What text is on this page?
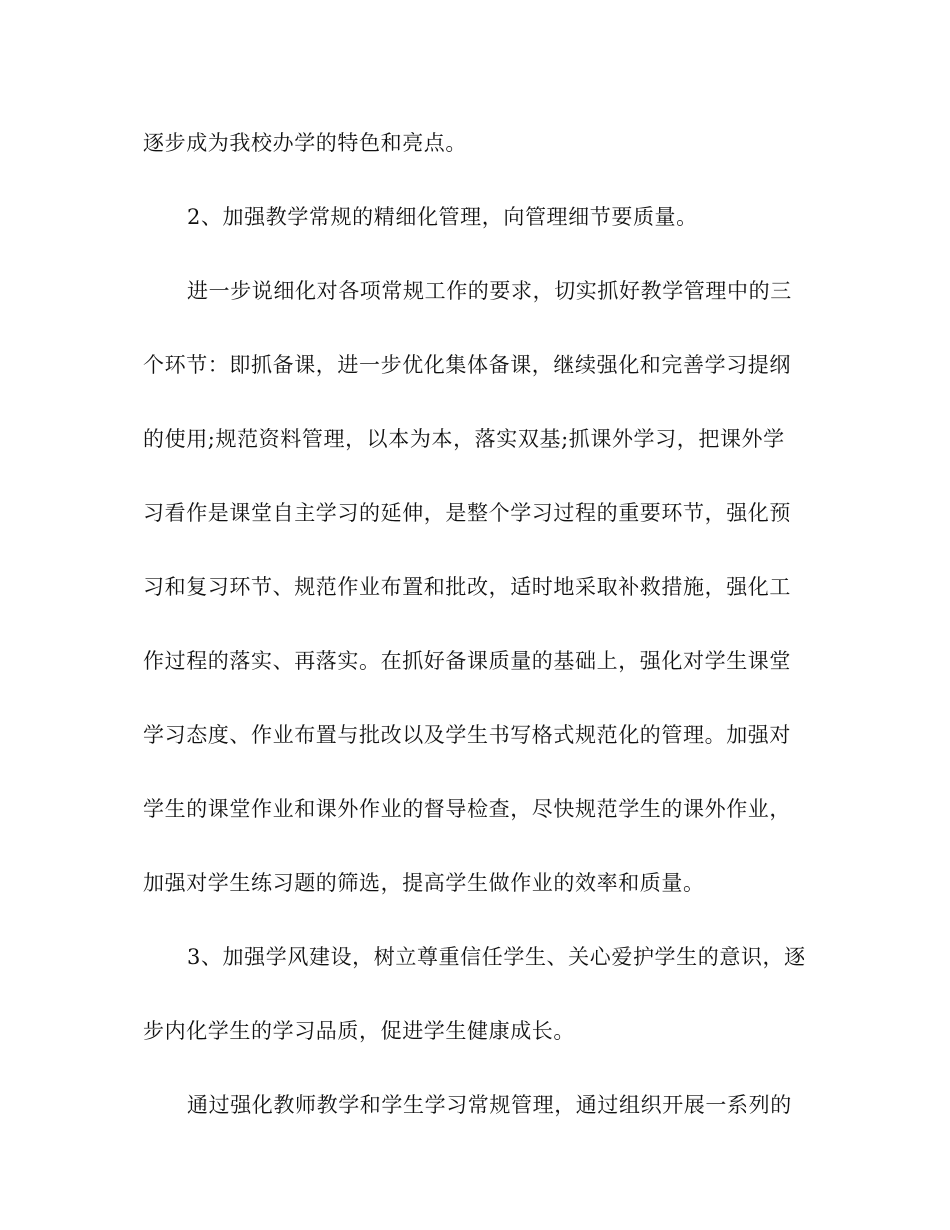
逐步成为我校办学的特色和亮点。
2、加强教学常规的精细化管理，向管理细节要质量。
进一步说细化对各项常规工作的要求，切实抓好教学管理中的三
个环节：即抓备课，进一步优化集体备课，继续强化和完善学习提纲
的使用;规范资料管理，以本为本，落实双基;抓课外学习，把课外学
习看作是课堂自主学习的延伸，是整个学习过程的重要环节，强化预
习和复习环节、规范作业布置和批改，适时地采取补救措施，强化工
作过程的落实、再落实。在抓好备课质量的基础上，强化对学生课堂
学习态度、作业布置与批改以及学生书写格式规范化的管理。加强对
学生的课堂作业和课外作业的督导检查，尽快规范学生的课外作业，
加强对学生练习题的筛选，提高学生做作业的效率和质量。
3、加强学风建设，树立尊重信任学生、关心爱护学生的意识，逐
步内化学生的学习品质，促进学生健康成长。
通过强化教师教学和学生学习常规管理，通过组织开展一系列的
